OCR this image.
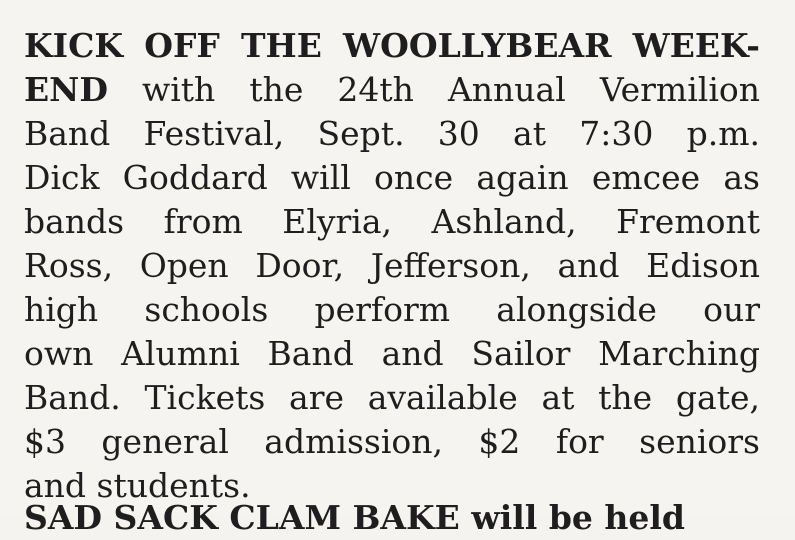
KICK OFF THE WOOLLYBEAR WEEK-
END with the 24th Annual Vermilion
Band Festival, Sept. 30 at 7:30 p.m.
Dick Goddard will once again emcee as
bands from Elyria, Ashland, Fremont
Ross, Open Door, Jefferson, and Edison
high schools perform alongside our
own Alumni Band and Sailor Marching
Band. Tickets are available at the gate,
$3 general admission, $2 for seniors
and students.
SAD SACK CLAM BAKE will be held
